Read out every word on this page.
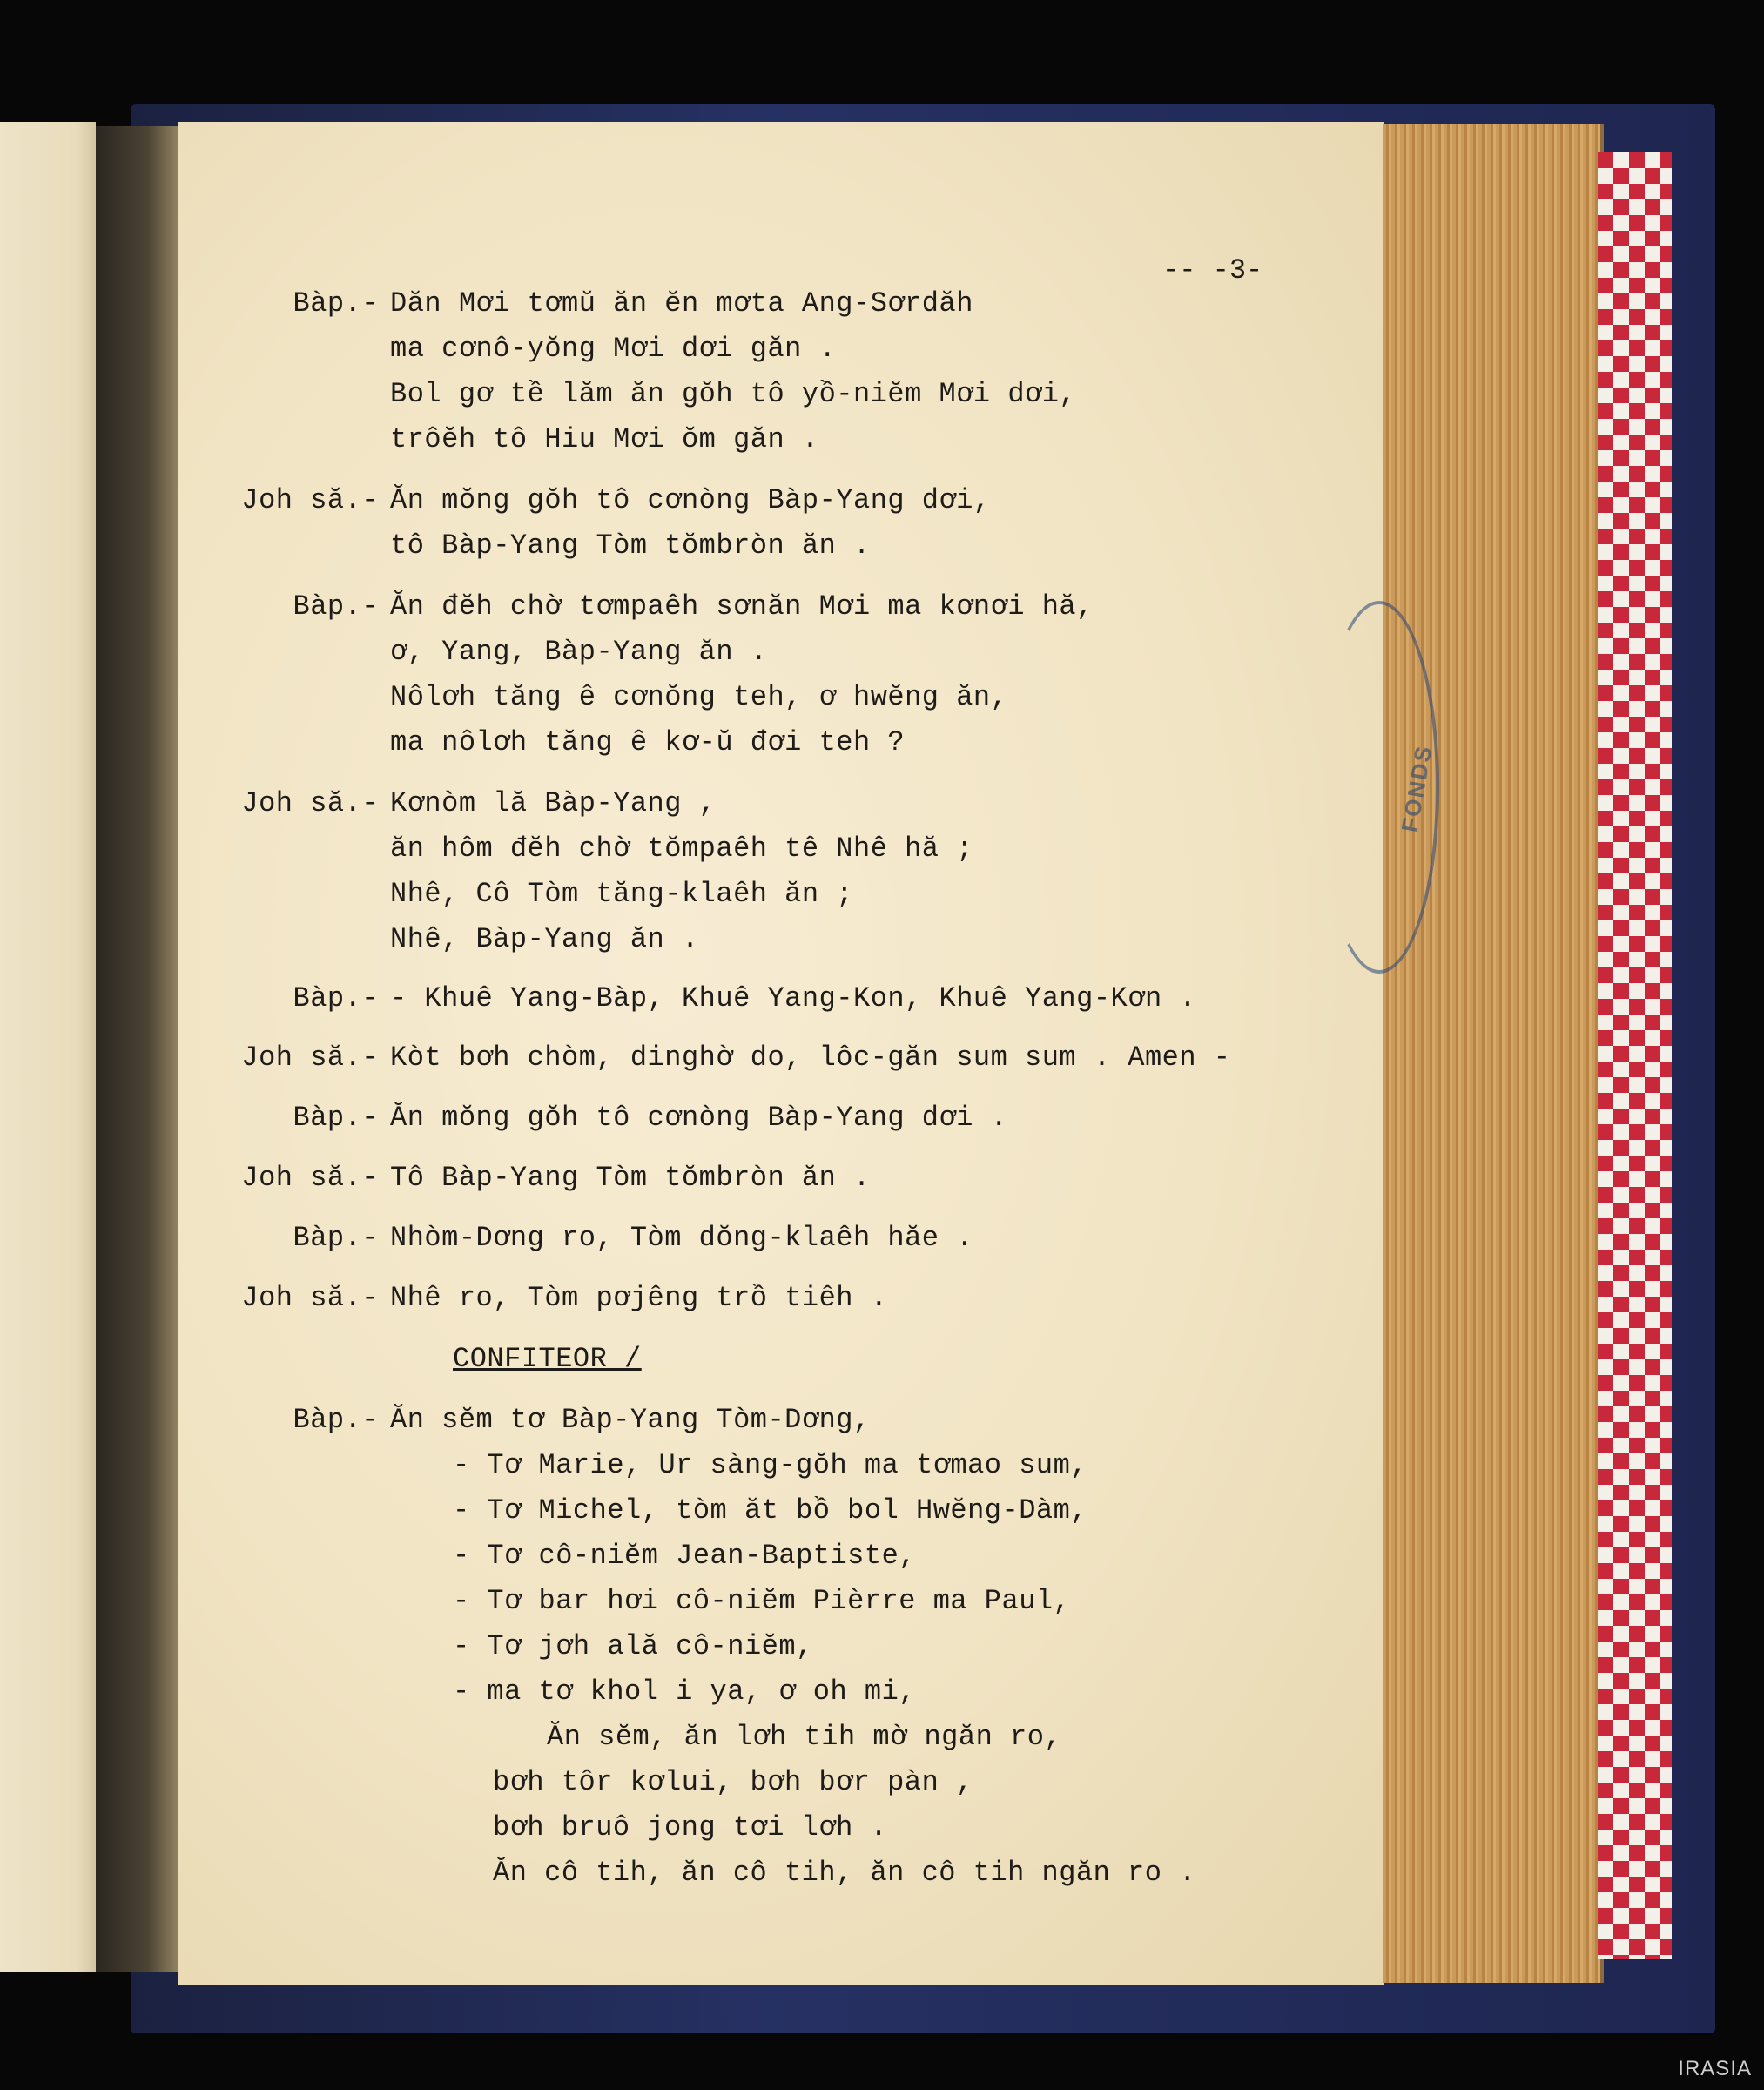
FONDS
-- -3-
Bàp.-
Joh să.-
Bàp.-
Joh să.-
Bàp.-
Joh să.-
Bàp.-
Joh să.-
Bàp.-
Joh să.-
Bàp.-
Dăn Mơi tơmŭ ăn ĕn mơta Ang-Sơrdăh
ma cơnô-yŏng Mơi dơi găn .
Bol gơ tề lăm ăn gŏh tô yồ-niĕm Mơi dơi,
trôĕh tô Hiu Mơi ŏm găn .
Ăn mŏng gŏh tô cơnòng Bàp-Yang dơi,
tô Bàp-Yang Tòm tŏmbròn ăn .
Ăn đĕh chờ tơmpaêh sơnăn Mơi ma kơnơi hă,
ơ, Yang, Bàp-Yang ăn .
Nôlơh tăng ê cơnŏng teh, ơ hwĕng ăn,
ma nôlơh tăng ê kơ-ŭ đơi teh ?
Kơnòm lă Bàp-Yang ,
ăn hôm đĕh chờ tŏmpaêh tê Nhê hă ;
Nhê, Cô Tòm tăng-klaêh ăn ;
Nhê, Bàp-Yang ăn .
- Khuê Yang-Bàp, Khuê Yang-Kon, Khuê Yang-Kơn .
Kòt bơh chòm, dinghờ do, lôc-găn sum sum . Amen -
Ăn mŏng gŏh tô cơnòng Bàp-Yang dơi .
Tô Bàp-Yang Tòm tŏmbròn ăn .
Nhòm-Dơng ro, Tòm dŏng-klaêh hăe .
Nhê ro, Tòm pơjêng trồ tiêh .
CONFITEOR /
Ăn sĕm tơ Bàp-Yang Tòm-Dơng,
- Tơ Marie, Ur sàng-gŏh ma tơmao sum,
- Tơ Michel, tòm ăt bồ bol Hwĕng-Dàm,
- Tơ cô-niĕm Jean-Baptiste,
- Tơ bar hơi cô-niĕm Pièrre ma Paul,
- Tơ jơh ală cô-niĕm,
- ma tơ khol i ya, ơ oh mi,
Ăn sĕm, ăn lơh tih mờ ngăn ro,
bơh tôr kơlui, bơh bơr pàn ,
bơh bruô jong tơi lơh .
Ăn cô tih, ăn cô tih, ăn cô tih ngăn ro .
IRASIA
